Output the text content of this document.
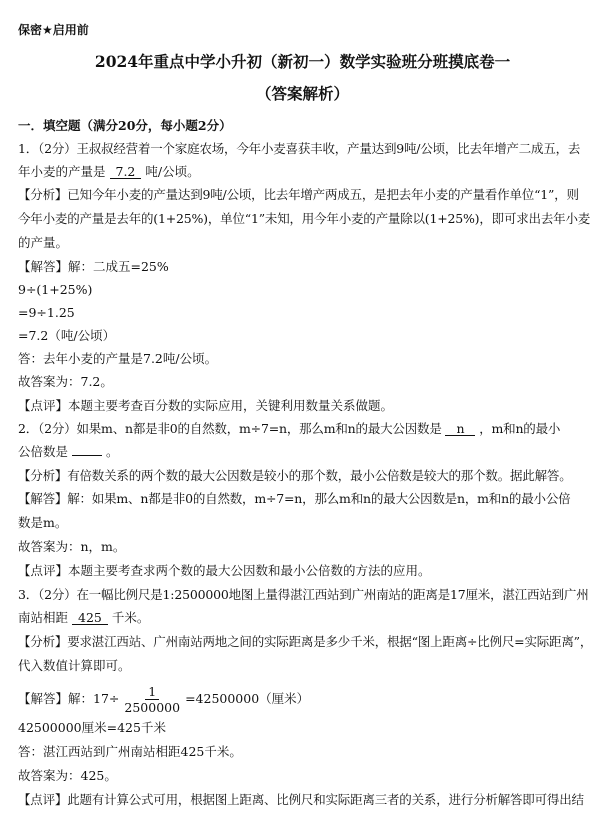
保密★启用前
2024年重点中学小升初（新初一）数学实验班分班摸底卷一
（答案解析）
一．填空题（满分20分，每小题2分）
1．（2分）王叔叔经营着一个家庭农场，今年小麦喜获丰收，产量达到9吨/公顷，比去年增产二成五，去
年小麦的产量是 7.2 吨/公顷。
【分析】已知今年小麦的产量达到9吨/公顷，比去年增产两成五，是把去年小麦的产量看作单位“1”，则
今年小麦的产量是去年的(1+25%)，单位“1”未知，用今年小麦的产量除以(1+25%)，即可求出去年小麦
的产量。
【解答】解：二成五=25%
9÷(1+25%)
=9÷1.25
=7.2（吨/公顷）
答：去年小麦的产量是7.2吨/公顷。
故答案为：7.2。
【点评】本题主要考查百分数的实际应用，关键利用数量关系做题。
2．（2分）如果m、n都是非0的自然数，m÷7=n，那么m和n的最大公因数是 n ，m和n的最小
公倍数是	。
【分析】有倍数关系的两个数的最大公因数是较小的那个数，最小公倍数是较大的那个数。据此解答。
【解答】解：如果m、n都是非0的自然数，m÷7=n，那么m和n的最大公因数是n，m和n的最小公倍
数是m。
故答案为：n，m。
【点评】本题主要考查求两个数的最大公因数和最小公倍数的方法的应用。
3．（2分）在一幅比例尺是1:2500000地图上量得湛江西站到广州南站的距离是17厘米，湛江西站到广州
南站相距 425 千米。
【分析】要求湛江西站、广州南站两地之间的实际距离是多少千米，根据“图上距离÷比例尺=实际距离”，
代入数值计算即可。
【解答】解：$17\div \frac{1}{2500000} =42500000$（厘米）
42500000厘米=425千米
答：湛江西站到广州南站相距425千米。
故答案为：425。
【点评】此题有计算公式可用，根据图上距离、比例尺和实际距离三者的关系，进行分析解答即可得出结
